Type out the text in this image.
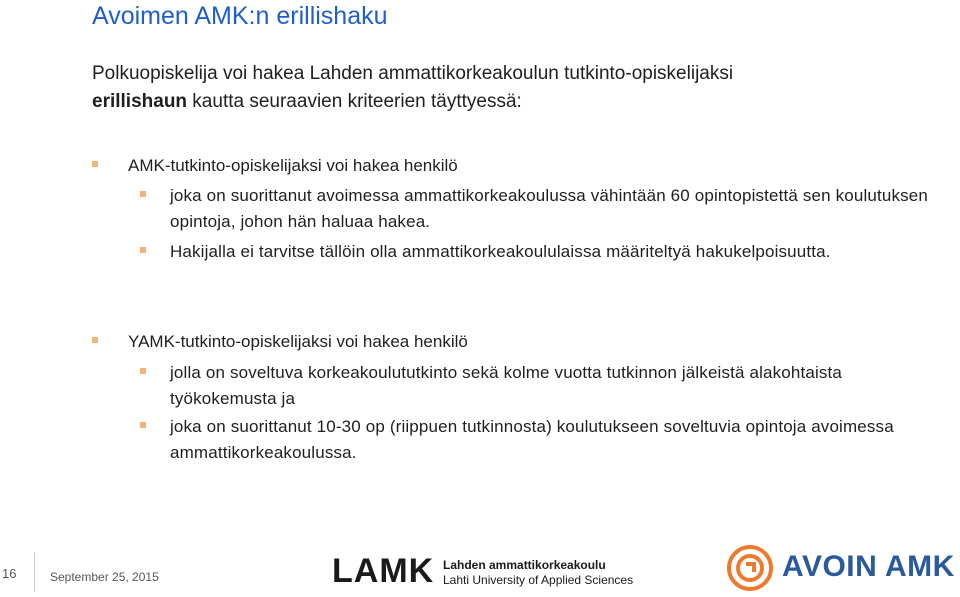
Avoimen AMK:n erillishaku
Polkuopiskelija voi hakea Lahden ammattikorkeakoulun tutkinto-opiskelijaksi
erillishaun kautta seuraavien kriteerien täyttyessä:
AMK-tutkinto-opiskelijaksi voi hakea henkilö
joka on suorittanut avoimessa ammattikorkeakoulussa vähintään 60 opintopistettä sen koulutuksen opintoja, johon hän haluaa hakea.
Hakijalla ei tarvitse tällöin olla ammattikorkeakoululaissa määriteltyä hakukelpoisuutta.
YAMK-tutkinto-opiskelijaksi voi hakea henkilö
jolla on soveltuva korkeakoulututkinto sekä kolme vuotta tutkinnon jälkeistä alakohtaista työkokemusta ja
joka on suorittanut 10-30 op (riippuen tutkinnosta) koulutukseen soveltuvia opintoja avoimessa ammattikorkeakoulussa.
16	September 25, 2015	LAMK Lahden ammattikorkeakoulu
Lahti University of Applied Sciences	AVOIN AMK
